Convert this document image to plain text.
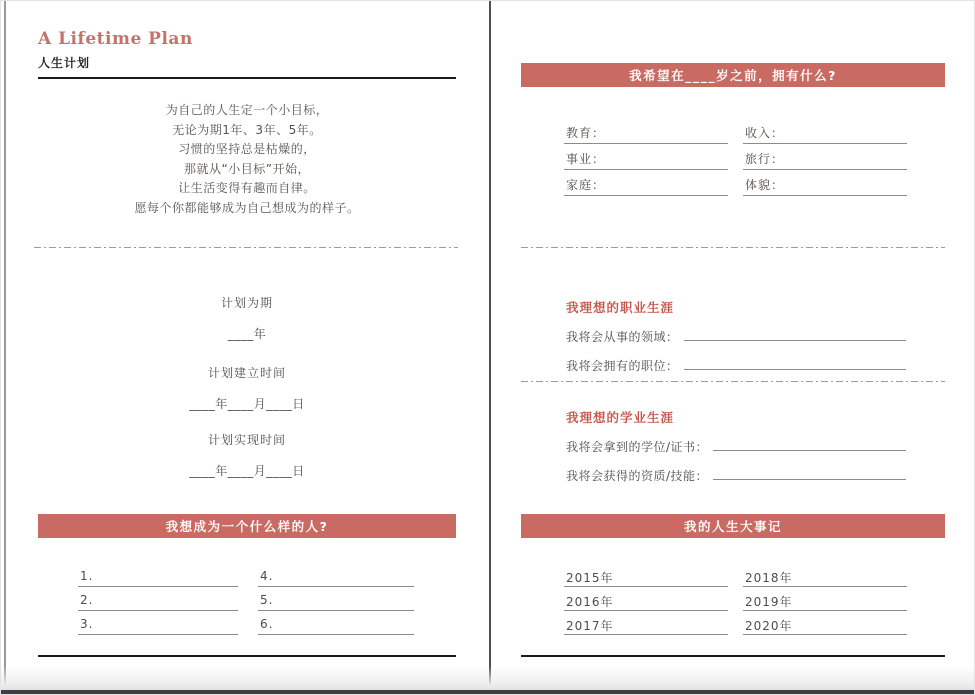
A Lifetime Plan
人生计划
为自己的人生定一个小目标，
无论为期1年、3年、5年。
习惯的坚持总是枯燥的，
那就从“小目标”开始，
让生活变得有趣而自律。
愿每个你都能够成为自己想成为的样子。
计划为期
____年
计划建立时间
____年____月____日
计划实现时间
____年____月____日
我想成为一个什么样的人?
1.
2.
3.
4.
5.
6.
我希望在____岁之前，拥有什么?
教育：
事业：
家庭：
收入：
旅行：
体貌：
我理想的职业生涯
我将会从事的领域：
我将会拥有的职位：
我理想的学业生涯
我将会拿到的学位/证书：
我将会获得的资质/技能：
我的人生大事记
2015年
2016年
2017年
2018年
2019年
2020年
